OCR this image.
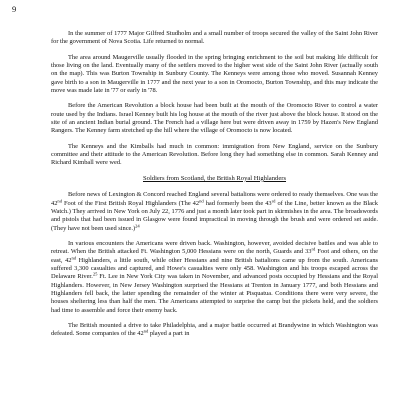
9

In the summer of 1777 Major Gilfred Studholm and a small number of troops secured the valley of the Saint John River for the government of Nova Scotia. Life returned to normal.

The area around Maugerville usually flooded in the spring bringing enrichment to the soil but making life difficult for those living on the land. Eventually many of the settlers moved to the higher west side of the Saint John River (actually south on the map). This was Burton Township in Sunbury County. The Kenneys were among those who moved. Susannah Kenney gave birth to a son in Maugerville in 1777 and the next year to a son in Oromocto, Burton Township, and this may indicate the move was made late in '77 or early in '78.

Before the American Revolution a block house had been built at the mouth of the Oromocto River to control a water route used by the Indians. Israel Kenney built his log house at the mouth of the river just above the block house. It stood on the site of an ancient Indian burial ground. The French had a village here but were driven away in 1759 by Hazen's New England Rangers. The Kenney farm stretched up the hill where the village of Oromocto is now located.

The Kenneys and the Kimballs had much in common: immigration from New England, service on the Sunbury committee and their attitude to the American Revolution. Before long they had something else in common. Sarah Kenney and Richard Kimball were wed.

Soldiers from Scotland, the British Royal Highlanders

Before news of Lexington & Concord reached England several battalions were ordered to ready themselves. One was the 42nd Foot of the First British Royal Highlanders (The 42nd had formerly been the 43rd of the Line, better known as the Black Watch.) They arrived in New York on July 22, 1776 and just a month later took part in skirmishes in the area. The broadswords and pistols that had been issued in Glasgow were found impractical in moving through the brush and were ordered set aside. (They have not been used since.)$^{24}$

In various encounters the Americans were driven back. Washington, however, avoided decisive battles and was able to retreat. When the British attacked Ft. Washington 5,000 Hessians were on the north, Guards and 33rd Foot and others, on the east, 42nd Highlanders, a little south, while other Hessians and nine British battalions came up from the south. Americans suffered 3,300 casualties and captured, and Howe's casualties were only 458. Washington and his troops escaped across the Delaware River.$^{25}$ Ft. Lee in New York City was taken in November, and advanced posts occupied by Hessians and the Royal Highlanders. However, in New Jersey Washington surprised the Hessians at Trenton in January 1777, and both Hessians and Highlanders fell back, the latter spending the remainder of the winter at Pisquatua. Conditions there were very severe, the houses sheltering less than half the men. The Americans attempted to surprise the camp but the pickets held, and the soldiers had time to assemble and force their enemy back.

The British mounted a drive to take Philadelphia, and a major battle occurred at Brandywine in which Washington was defeated. Some companies of the 42nd played a part in
